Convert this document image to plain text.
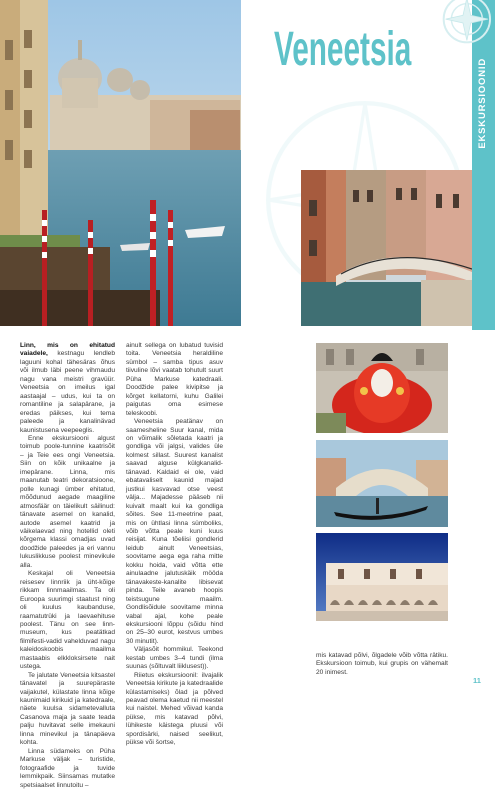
EKSKURSIOONID
Veneetsia

Linn, mis on ehitatud vaiadele, kestnagu lendleb laguuni kohal tähesäras õhus või ilmub läbi peene vihmaudu nagu vana meistri gravüür. Veneetsia on imeilus igal aastaajal – udus, kui ta on romantiline ja salapärane, ja eredas päikses, kui tema paleede ja kanalinävad kaunistusena veepeeglis.

Enne ekskursiooni algust toimub poole-tunnine kaatrisõit – ja Teie ees ongi Veneetsia. Siin on kõik unikaalne ja imepärane. Linna, mis maanutab teatri dekoratsioone, polle kunagi ümber ehitatud, mõõdunud aegade maagiline atmosfäär on täielikult säilinud: tänavate asemel on kanalid, autode asemel kaatrid ja väikelaevad ning hotellid oleti kõrgema klassi omadjas uvad doodžide paleedes ja eri vannu lukuslikkuse poolest minevikule alla.

Keskajal oli Veneetsia reisesev linnriik ja üht-kõige rikkam linnmaailmas. Ta oli Euroopa suurimgi staatust ning oli kuulus kaubanduse, raamatutrüki ja laevaehituse poolest. Tänu on see linn-museum, kus peatätkad filmifesti-vadid vahelduvad nagu kaleidoskoobis maailma mastaabis elkkloksirsete nait ustega.

Te jalutate Veneetsia kitsastel tänavatel ja suurepäraste vaijakutel, külastate linna kõige kaunimaid kirikuid ja katedraale, näete kuulsa sidametevalluta Casanova maja ja saate teada palju huvitavat selle imekauni linna minevikul ja tänapäeva kohta.

Linna südameks on Püha Markuse väljak – turistide, fotograafide ja tuvide lemmikpaik. Siinsamas mutatke spetsiaalset linnutoitu –

ainult sellega on lubatud tuvisid toita. Veneetsia heraldiline sümbol – samba tipus asuv tiivuline lõvi vaatab tohutult suurt Püha Markuse katedraali. Doodžide palee kivipitse ja kõrget kellatorni, kuhu Galilei paigutas oma esimese teleskoobi.

Veneetsia peatänav on saamesheline Suur kanal, mida on võimalik sõletada kaatri ja gondliga või jalgsi, valides üle kolmest sillast. Suurest kanalist saavad alguse külgkanalid-tänavad. Kaldaid ei ole, vaid ebatavaliselt kaunid majad justkui kasvavad otse veest välja... Majadesse pääseb nii kuivalt maalt kui ka gondliga sõites. See 11-meetrine paat, mis on ühtlasi linna sümboliks, võib võtta peale kuni kuus reisijat. Kuna tõeliisi gondlerid leidub ainult Veneetsias, soovitame aega ega raha mitte kokku hoida, vaid võtta ette ainulaadne jalutuskäik mööda tänavakeste-kanalite libisevat pinda. Teile avaneb hoopis teistsugune maailm. Gondlisõidule soovitame minna vabal ajal, kohe peale ekskursiooni lõppu (sõidu hind on 25–30 eurot, kestvus umbes 30 minutit).

Väljasõit hommikul. Teekond kestab umbes 3–4 tundi (ilma suunas (sõltuvalt liiklusest)).

Riietus ekskursioonil: ilvajalik Veneetsia kirikute ja katedraalide külastamiseks) õlad ja põlved peavad olema kaetud nii meestel kui naistel. Mehed võivad kanda pükse, mis katavad põlvi, lühikeste käistega pluusi või spordisärki, naised seelikut, pükse või šortse,

mis katavad põlvi, õlgadele võib võtta rätiku. Ekskursioon toimub, kui grupis on vähemalt 20 inimest.

11
